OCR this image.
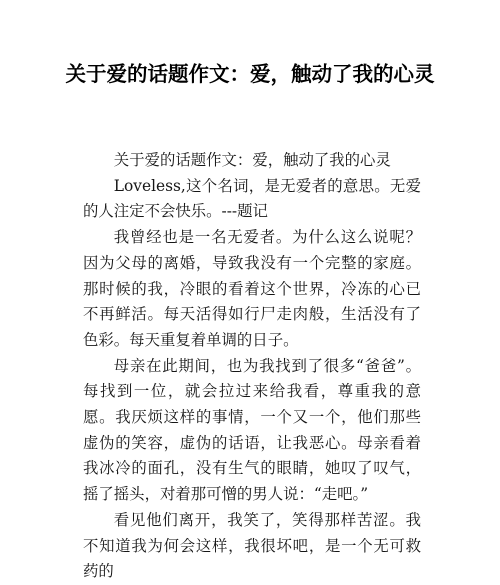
关于爱的话题作文：爱，触动了我的心灵

关于爱的话题作文：爱，触动了我的心灵

Loveless,这个名词，是无爱者的意思。无爱的人注定不会快乐。---题记

我曾经也是一名无爱者。为什么这么说呢？因为父母的离婚，导致我没有一个完整的家庭。那时候的我，冷眼的看着这个世界，冷冻的心已不再鲜活。每天活得如行尸走肉般，生活没有了色彩。每天重复着单调的日子。

母亲在此期间，也为我找到了很多“爸爸”。每找到一位，就会拉过来给我看，尊重我的意愿。我厌烦这样的事情，一个又一个，他们那些虚伪的笑容，虚伪的话语，让我恶心。母亲看着我冰冷的面孔，没有生气的眼睛，她叹了叹气，摇了摇头，对着那可憎的男人说：“走吧。”

看见他们离开，我笑了，笑得那样苦涩。我不知道我为何会这样，我很坏吧，是一个无可救药的
